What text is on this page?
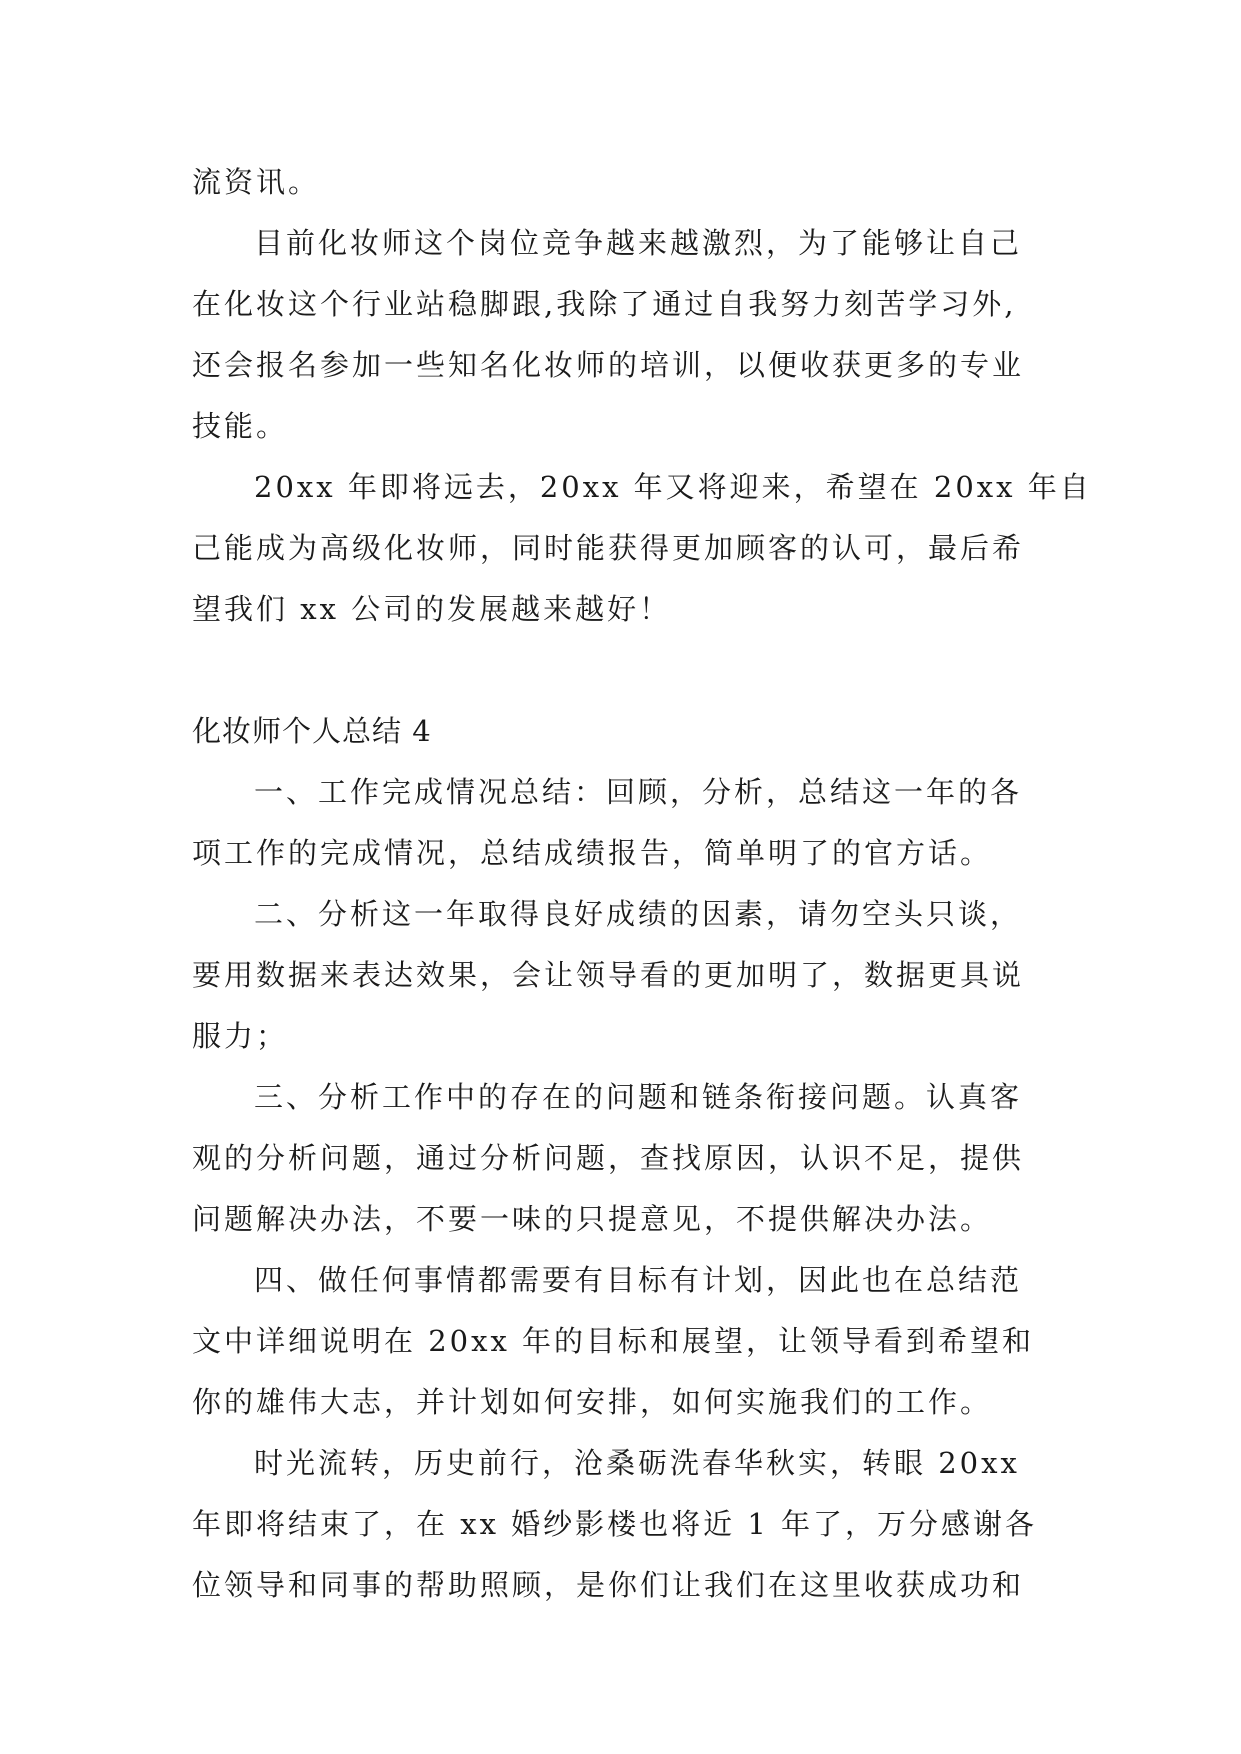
流资讯。
目前化妆师这个岗位竞争越来越激烈，为了能够让自己
在化妆这个行业站稳脚跟,我除了通过自我努力刻苦学习外,
还会报名参加一些知名化妆师的培训，以便收获更多的专业
技能。
20xx 年即将远去，20xx 年又将迎来，希望在 20xx 年自
己能成为高级化妆师，同时能获得更加顾客的认可，最后希
望我们 xx 公司的发展越来越好！
化妆师个人总结 4
一、工作完成情况总结：回顾，分析，总结这一年的各
项工作的完成情况，总结成绩报告，简单明了的官方话。
二、分析这一年取得良好成绩的因素，请勿空头只谈，
要用数据来表达效果，会让领导看的更加明了，数据更具说
服力；
三、分析工作中的存在的问题和链条衔接问题。认真客
观的分析问题，通过分析问题，查找原因，认识不足，提供
问题解决办法，不要一味的只提意见，不提供解决办法。
四、做任何事情都需要有目标有计划，因此也在总结范
文中详细说明在 20xx 年的目标和展望，让领导看到希望和
你的雄伟大志，并计划如何安排，如何实施我们的工作。
时光流转，历史前行，沧桑砺洗春华秋实，转眼 20xx
年即将结束了，在 xx 婚纱影楼也将近 1 年了，万分感谢各
位领导和同事的帮助照顾，是你们让我们在这里收获成功和
